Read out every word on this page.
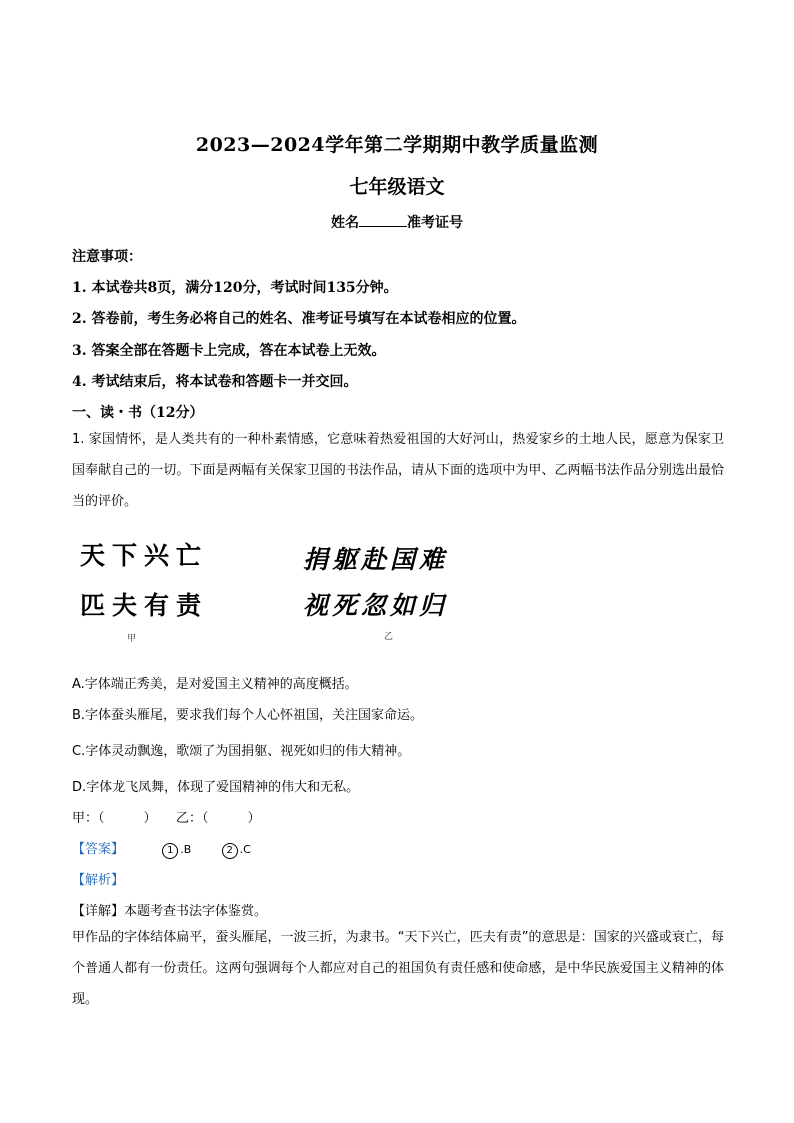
2023—2024学年第二学期期中教学质量监测
七年级语文
姓名	准考证号
注意事项：
1. 本试卷共8页，满分120分，考试时间135分钟。
2. 答卷前，考生务必将自己的姓名、准考证号填写在本试卷相应的位置。
3. 答案全部在答题卡上完成，答在本试卷上无效。
4. 考试结束后，将本试卷和答题卡一并交回。
一、读・书（12分）
1. 家国情怀，是人类共有的一种朴素情感，它意味着热爱祖国的大好河山，热爱家乡的土地人民，愿意为保家卫国奉献自己的一切。下面是两幅有关保家卫国的书法作品，请从下面的选项中为甲、乙两幅书法作品分别选出最恰当的评价。
天下兴亡
匹夫有责
甲
捐躯赴国难
视死忽如归
乙
A.字体端正秀美，是对爱国主义精神的高度概括。
B.字体蚕头雁尾，要求我们每个人心怀祖国，关注国家命运。
C.字体灵动飘逸，歌颂了为国捐躯、视死如归的伟大精神。
D.字体龙飞凤舞，体现了爱国精神的伟大和无私。
甲：（　　　）　　乙：（　　　）
【答案】	1 .B	2 .C
【解析】
【详解】本题考查书法字体鉴赏。
甲作品的字体结体扁平，蚕头雁尾，一波三折，为隶书。“天下兴亡，匹夫有责”的意思是：国家的兴盛或衰亡，每个普通人都有一份责任。这两句强调每个人都应对自己的祖国负有责任感和使命感，是中华民族爱国主义精神的体现。
